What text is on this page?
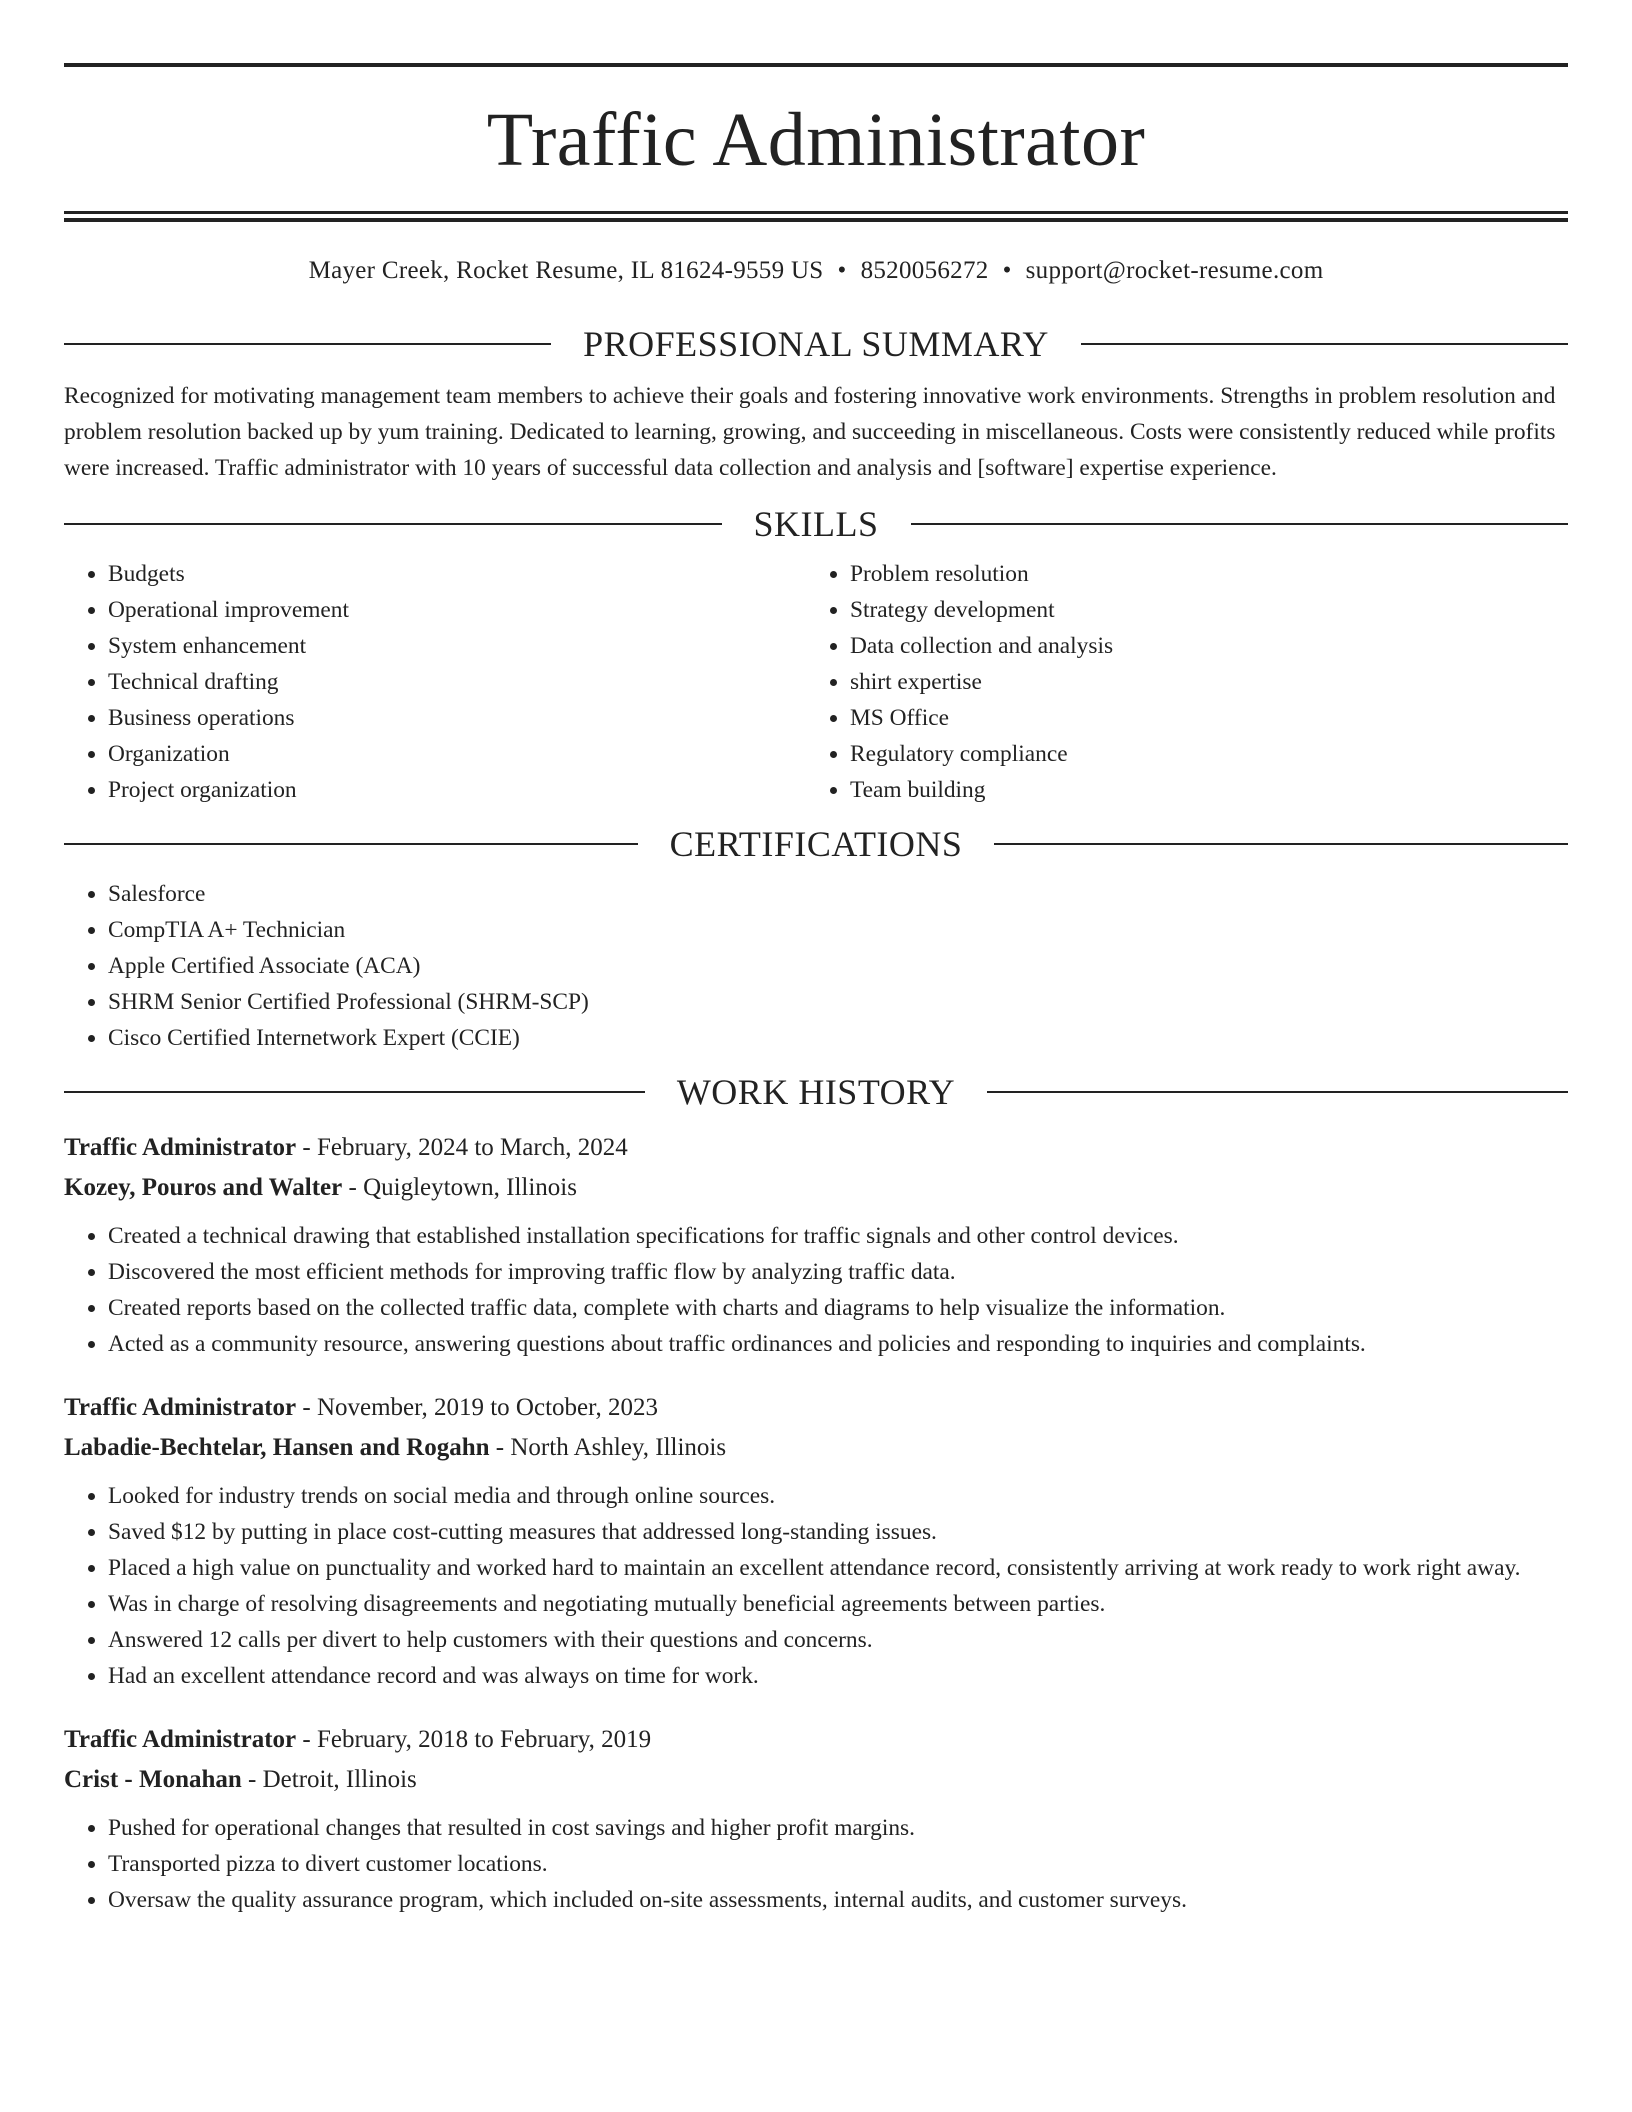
Traffic Administrator
Mayer Creek, Rocket Resume, IL 81624-9559 US • 8520056272 • support@rocket-resume.com
PROFESSIONAL SUMMARY
Recognized for motivating management team members to achieve their goals and fostering innovative work environments. Strengths in problem resolution and problem resolution backed up by yum training. Dedicated to learning, growing, and succeeding in miscellaneous. Costs were consistently reduced while profits were increased. Traffic administrator with 10 years of successful data collection and analysis and [software] expertise experience.
SKILLS
• Budgets
• Operational improvement
• System enhancement
• Technical drafting
• Business operations
• Organization
• Project organization
• Problem resolution
• Strategy development
• Data collection and analysis
• shirt expertise
• MS Office
• Regulatory compliance
• Team building
CERTIFICATIONS
• Salesforce
• CompTIA A+ Technician
• Apple Certified Associate (ACA)
• SHRM Senior Certified Professional (SHRM-SCP)
• Cisco Certified Internetwork Expert (CCIE)
WORK HISTORY
Traffic Administrator - February, 2024 to March, 2024
Kozey, Pouros and Walter - Quigleytown, Illinois
• Created a technical drawing that established installation specifications for traffic signals and other control devices.
• Discovered the most efficient methods for improving traffic flow by analyzing traffic data.
• Created reports based on the collected traffic data, complete with charts and diagrams to help visualize the information.
• Acted as a community resource, answering questions about traffic ordinances and policies and responding to inquiries and complaints.
Traffic Administrator - November, 2019 to October, 2023
Labadie-Bechtelar, Hansen and Rogahn - North Ashley, Illinois
• Looked for industry trends on social media and through online sources.
• Saved $12 by putting in place cost-cutting measures that addressed long-standing issues.
• Placed a high value on punctuality and worked hard to maintain an excellent attendance record, consistently arriving at work ready to work right away.
• Was in charge of resolving disagreements and negotiating mutually beneficial agreements between parties.
• Answered 12 calls per divert to help customers with their questions and concerns.
• Had an excellent attendance record and was always on time for work.
Traffic Administrator - February, 2018 to February, 2019
Crist - Monahan - Detroit, Illinois
• Pushed for operational changes that resulted in cost savings and higher profit margins.
• Transported pizza to divert customer locations.
• Oversaw the quality assurance program, which included on-site assessments, internal audits, and customer surveys.
